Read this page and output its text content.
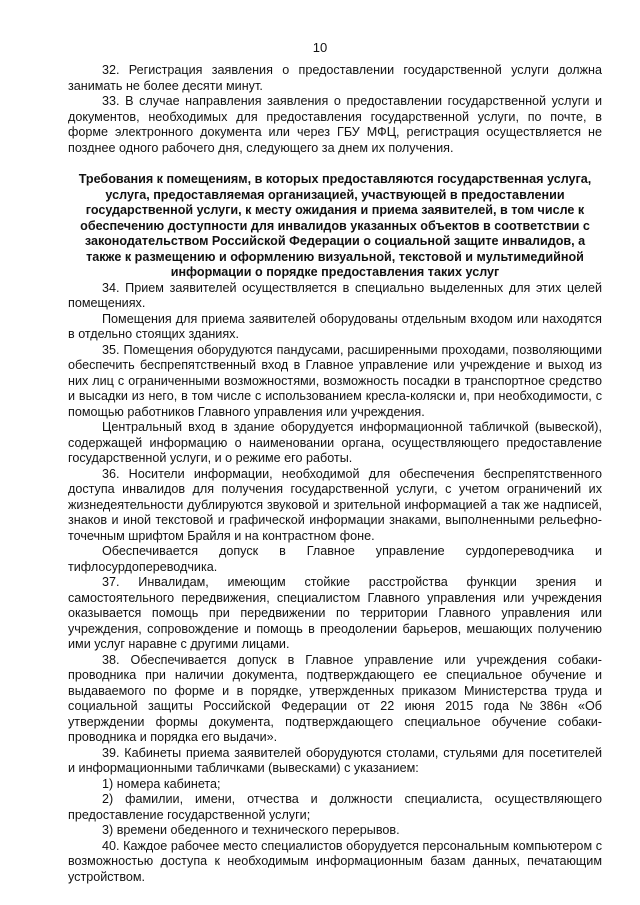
10

32. Регистрация заявления о предоставлении государственной услуги должна занимать не более десяти минут.

33. В случае направления заявления о предоставлении государственной услуги и документов, необходимых для предоставления государственной услуги, по почте, в форме электронного документа или через ГБУ МФЦ, регистрация осуществляется не позднее одного рабочего дня, следующего за днем их получения.

Требования к помещениям, в которых предоставляются государственная услуга, услуга, предоставляемая организацией, участвующей в предоставлении государственной услуги, к месту ожидания и приема заявителей, в том числе к обеспечению доступности для инвалидов указанных объектов в соответствии с законодательством Российской Федерации о социальной защите инвалидов, а также к размещению и оформлению визуальной, текстовой и мультимедийной информации о порядке предоставления таких услуг

34. Прием заявителей осуществляется в специально выделенных для этих целей помещениях.

Помещения для приема заявителей оборудованы отдельным входом или находятся в отдельно стоящих зданиях.

35. Помещения оборудуются пандусами, расширенными проходами, позволяющими обеспечить беспрепятственный вход в Главное управление или учреждение и выход из них лиц с ограниченными возможностями, возможность посадки в транспортное средство и высадки из него, в том числе с использованием кресла-коляски и, при необходимости, с помощью работников Главного управления или учреждения.

Центральный вход в здание оборудуется информационной табличкой (вывеской), содержащей информацию о наименовании органа, осуществляющего предоставление государственной услуги, и о режиме его работы.

36. Носители информации, необходимой для обеспечения беспрепятственного доступа инвалидов для получения государственной услуги, с учетом ограничений их жизнедеятельности дублируются звуковой и зрительной информацией а так же надписей, знаков и иной текстовой и графической информации знаками, выполненными рельефно-точечным шрифтом Брайля и на контрастном фоне.

Обеспечивается допуск в Главное управление сурдопереводчика и тифлосурдопереводчика.

37. Инвалидам, имеющим стойкие расстройства функции зрения и самостоятельного передвижения, специалистом Главного управления или учреждения оказывается помощь при передвижении по территории Главного управления или учреждения, сопровождение и помощь в преодолении барьеров, мешающих получению ими услуг наравне с другими лицами.

38. Обеспечивается допуск в Главное управление или учреждения собаки-проводника при наличии документа, подтверждающего ее специальное обучение и выдаваемого по форме и в порядке, утвержденных приказом Министерства труда и социальной защиты Российской Федерации от 22 июня 2015 года №386н «Об утверждении формы документа, подтверждающего специальное обучение собаки-проводника и порядка его выдачи».

39. Кабинеты приема заявителей оборудуются столами, стульями для посетителей и информационными табличками (вывесками) с указанием:

1) номера кабинета;

2) фамилии, имени, отчества и должности специалиста, осуществляющего предоставление государственной услуги;

3) времени обеденного и технического перерывов.

40. Каждое рабочее место специалистов оборудуется персональным компьютером с возможностью доступа к необходимым информационным базам данных, печатающим устройством.
